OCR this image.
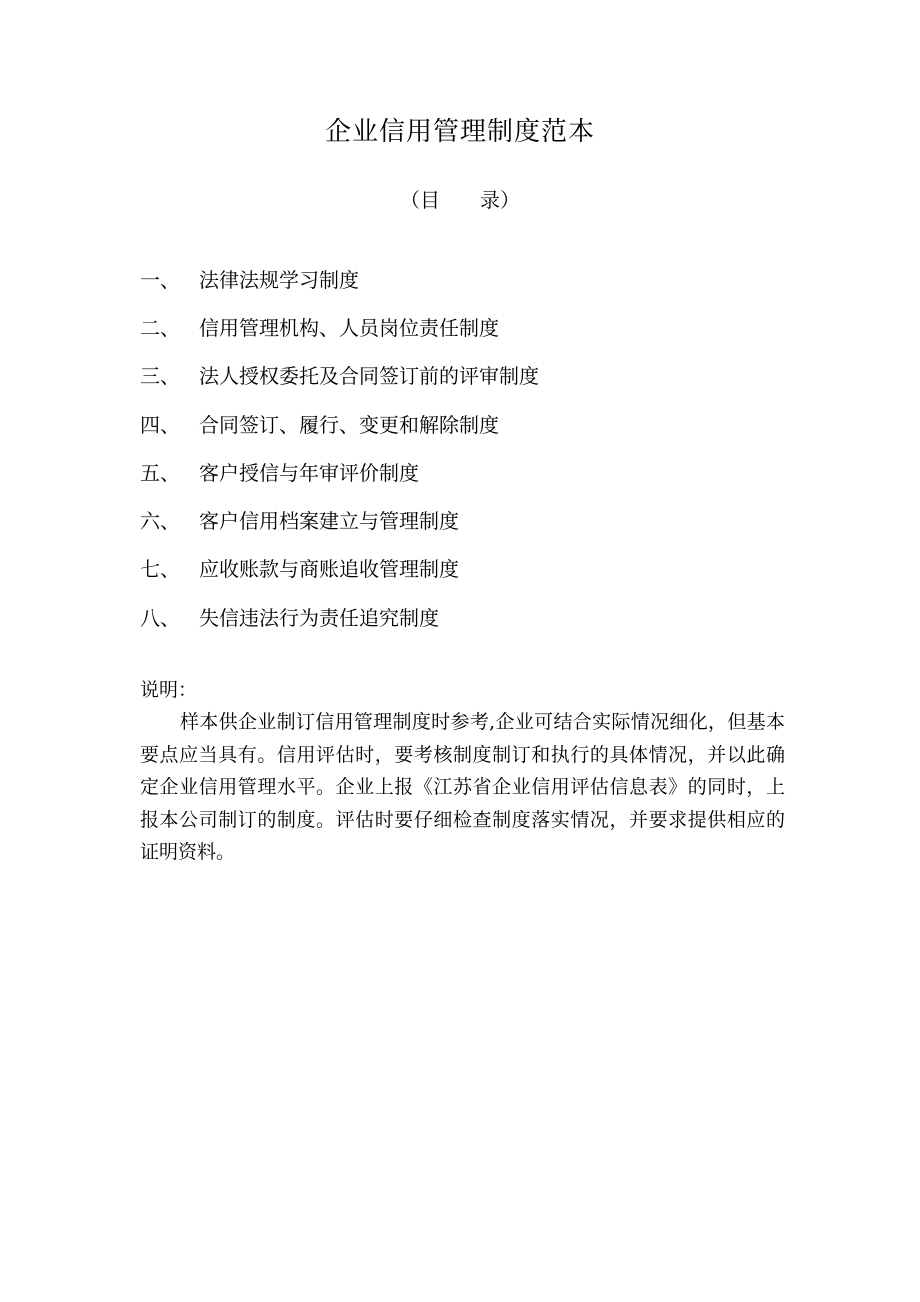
企业信用管理制度范本
（目　　录）
一、 法律法规学习制度
二、 信用管理机构、人员岗位责任制度
三、 法人授权委托及合同签订前的评审制度
四、 合同签订、履行、变更和解除制度
五、 客户授信与年审评价制度
六、 客户信用档案建立与管理制度
七、 应收账款与商账追收管理制度
八、 失信违法行为责任追究制度
说明：

样本供企业制订信用管理制度时参考,企业可结合实际情况细化，但基本要点应当具有。信用评估时，要考核制度制订和执行的具体情况，并以此确定企业信用管理水平。企业上报《江苏省企业信用评估信息表》的同时，上报本公司制订的制度。评估时要仔细检查制度落实情况，并要求提供相应的证明资料。
